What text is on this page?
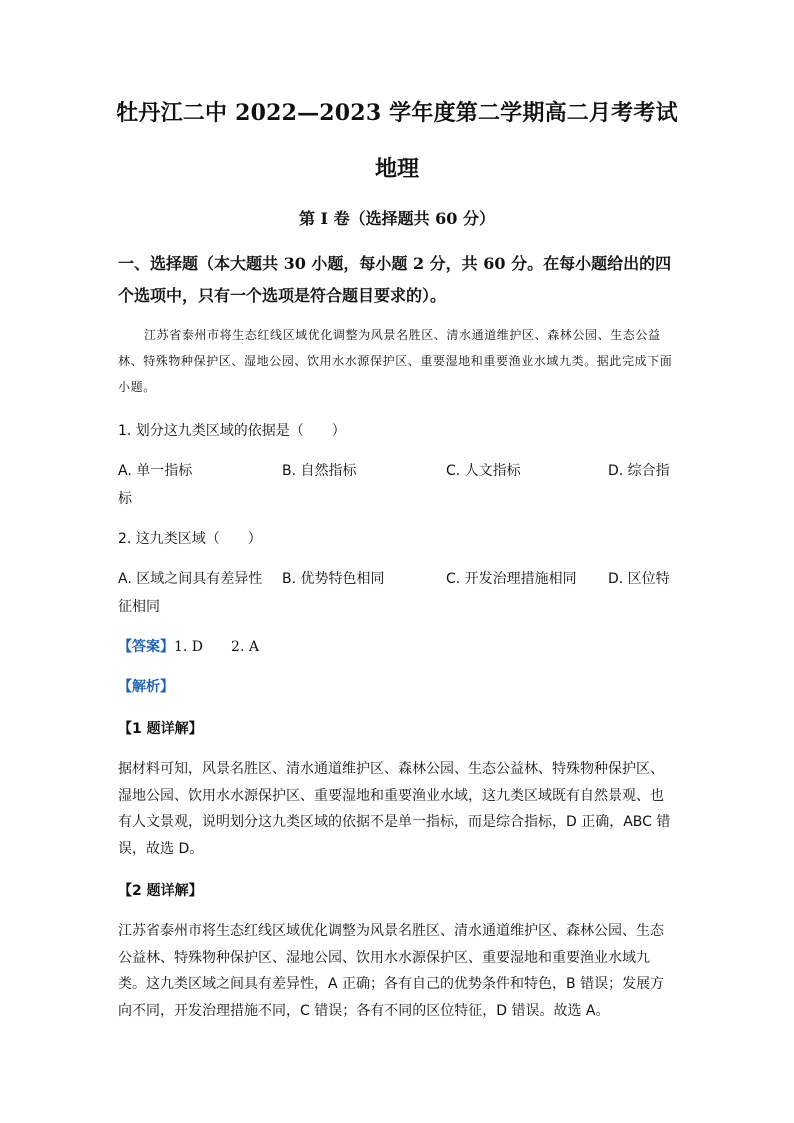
牡丹江二中 2022—2023 学年度第二学期高二月考考试
地理
第 I 卷（选择题共 60 分）
一、选择题（本大题共 30 小题，每小题 2 分，共 60 分。在每小题给出的四个选项中，只有一个选项是符合题目要求的）。
江苏省泰州市将生态红线区域优化调整为风景名胜区、清水通道维护区、森林公园、生态公益林、特殊物种保护区、湿地公园、饮用水水源保护区、重要湿地和重要渔业水域九类。据此完成下面小题。
1. 划分这九类区域的依据是（　　）
A. 单一指标	B. 自然指标	C. 人文指标	D. 综合指
标
2. 这九类区域（　　）
A. 区域之间具有差异性 B. 优势特色相同	C. 开发治理措施相同 D. 区位特
征相同
【答案】1. D　　2. A
【解析】
【1 题详解】
据材料可知，风景名胜区、清水通道维护区、森林公园、生态公益林、特殊物种保护区、湿地公园、饮用水水源保护区、重要湿地和重要渔业水域，这九类区域既有自然景观、也有人文景观，说明划分这九类区域的依据不是单一指标，而是综合指标，D 正确，ABC 错误，故选 D。
【2 题详解】
江苏省泰州市将生态红线区域优化调整为风景名胜区、清水通道维护区、森林公园、生态公益林、特殊物种保护区、湿地公园、饮用水水源保护区、重要湿地和重要渔业水域九类。这九类区域之间具有差异性，A 正确；各有自己的优势条件和特色，B 错误；发展方向不同，开发治理措施不同，C 错误；各有不同的区位特征，D 错误。故选 A。
